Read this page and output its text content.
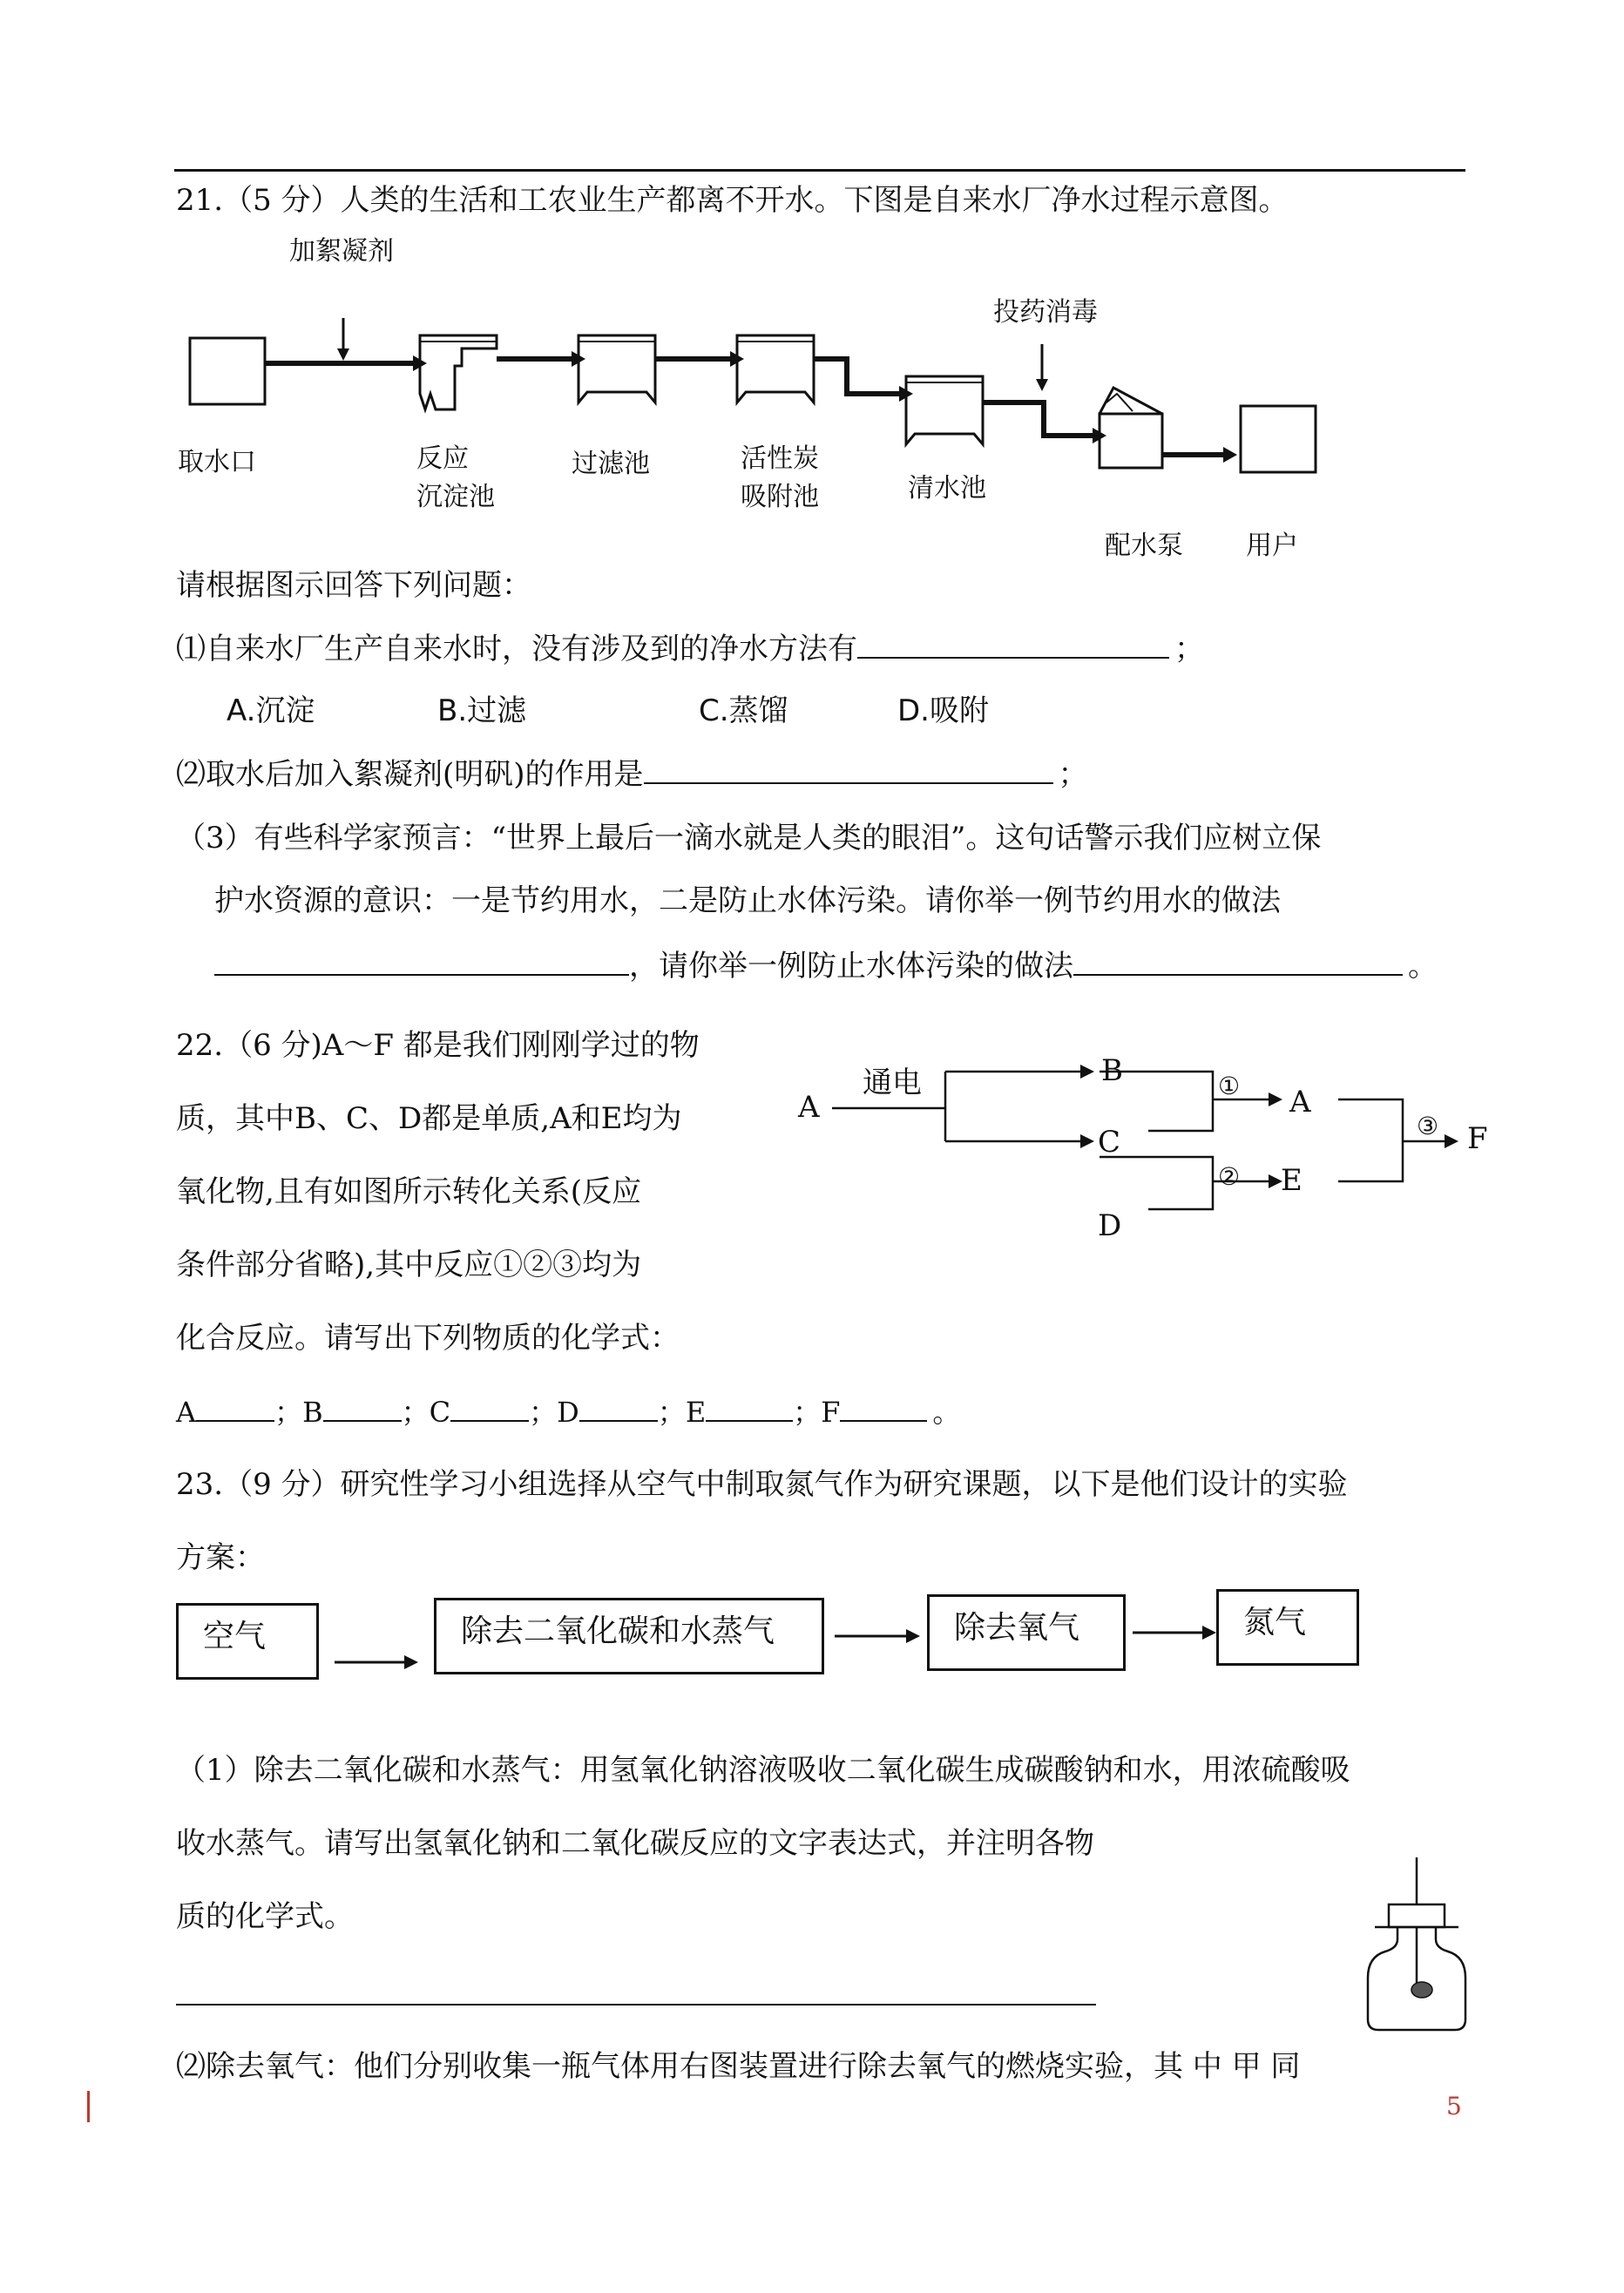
21.（5 分）人类的生活和工农业生产都离不开水。下图是自来水厂净水过程示意图。
加絮凝剂
投药消毒
取水口	反应
沉淀池
过滤池	活性炭
吸附池	清水池
配水泵 用户
请根据图示回答下列问题：
⑴自来水厂生产自来水时，没有涉及到的净水方法有	；
A.沉淀	B.过滤	C.蒸馏	D.吸附
⑵取水后加入絮凝剂(明矾)的作用是	；
（3）有些科学家预言：“世界上最后一滴水就是人类的眼泪”。这句话警示我们应树立保
护水资源的意识：一是节约用水，二是防止水体污染。请你举一例节约用水的做法
，请你举一例防止水体污染的做法	。
22.（6 分)A～F 都是我们刚刚学过的物
质，其中B、C、D都是单质,A和E均为
氧化物,且有如图所示转化关系(反应
条件部分省略),其中反应①②③均为
化合反应。请写出下列物质的化学式：
A	；B	；C	；D	；E	；F	。
A
通电	B
C
D
A
E
F
①
②
③
23.（9 分）研究性学习小组选择从空气中制取氮气作为研究课题，以下是他们设计的实验
方案：
空气	除去二氧化碳和水蒸气	除去氧气	氮气
（1）除去二氧化碳和水蒸气：用氢氧化钠溶液吸收二氧化碳生成碳酸钠和水，用浓硫酸吸
收水蒸气。请写出氢氧化钠和二氧化碳反应的文字表达式，并注明各物
质的化学式。
⑵除去氧气：他们分别收集一瓶气体用右图装置进行除去氧气的燃烧实验，其 中 甲 同
5
